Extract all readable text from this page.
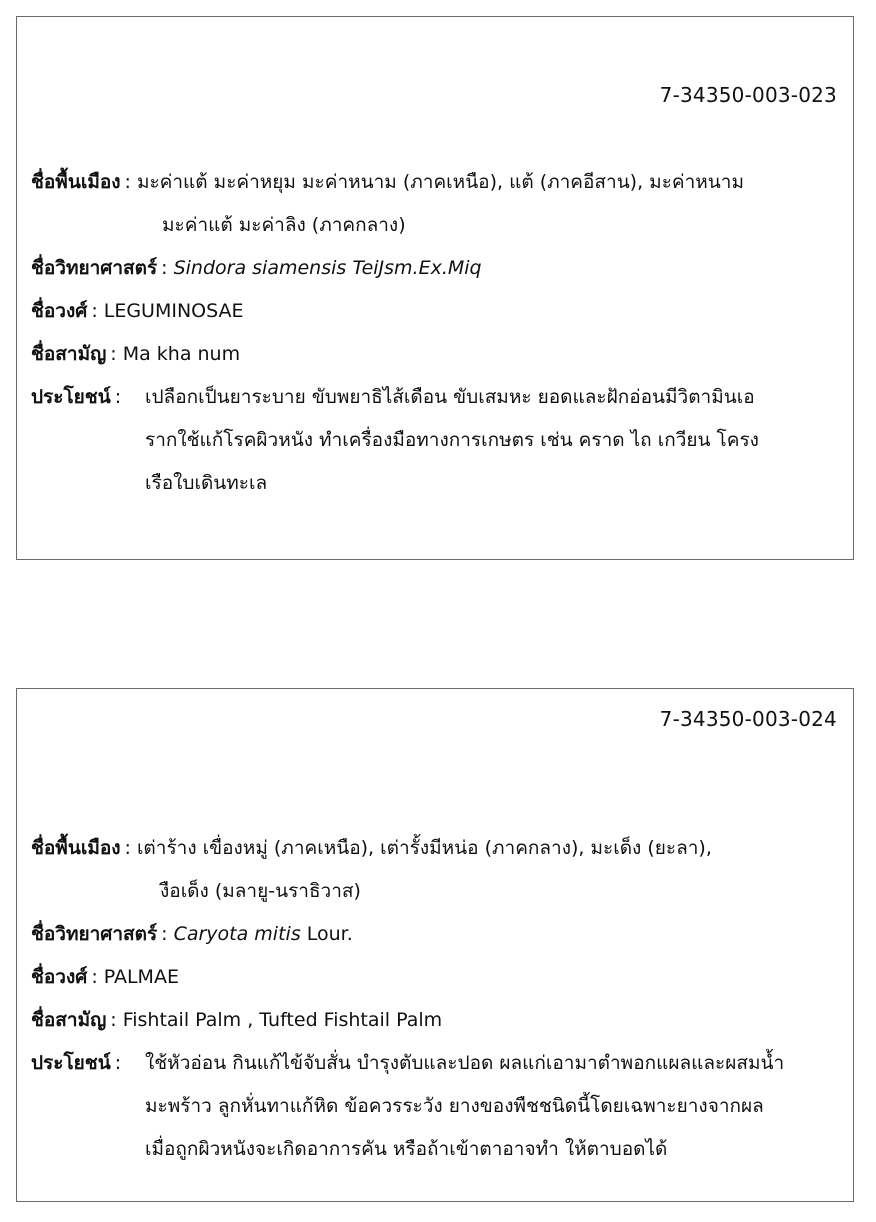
7-34350-003-023
ชื่อพื้นเมือง : มะค่าแต้ มะค่าหยุม มะค่าหนาม (ภาคเหนือ), แต้ (ภาคอีสาน), มะค่าหนาม
มะค่าแต้ มะค่าลิง (ภาคกลาง)
ชื่อวิทยาศาสตร์ : Sindora siamensis TeiJsm.Ex.Miq
ชื่อวงศ์ : LEGUMINOSAE
ชื่อสามัญ : Ma kha num
ประโยชน์ :	เปลือกเป็นยาระบาย ขับพยาธิไส้เดือน ขับเสมหะ ยอดและฝักอ่อนมีวิตามินเอ
รากใช้แก้โรคผิวหนัง ทำเครื่องมือทางการเกษตร เช่น คราด ไถ เกวียน โครง
เรือใบเดินทะเล
7-34350-003-024
ชื่อพื้นเมือง : เต่าร้าง เขื่องหมู่ (ภาคเหนือ), เต่ารั้งมีหน่อ (ภาคกลาง), มะเด็ง (ยะลา),
งือเด็ง (มลายู-นราธิวาส)
ชื่อวิทยาศาสตร์ : Caryota mitis Lour.
ชื่อวงศ์ : PALMAE
ชื่อสามัญ : Fishtail Palm , Tufted Fishtail Palm
ประโยชน์ :	ใช้หัวอ่อน กินแก้ไข้จับสั่น บำรุงตับและปอด ผลแก่เอามาตำพอกแผลและผสมน้ำ
มะพร้าว ลูกหั่นทาแก้หิด ข้อควรระวัง ยางของพืชชนิดนี้โดยเฉพาะยางจากผล
เมื่อถูกผิวหนังจะเกิดอาการคัน หรือถ้าเข้าตาอาจทำ ให้ตาบอดได้
